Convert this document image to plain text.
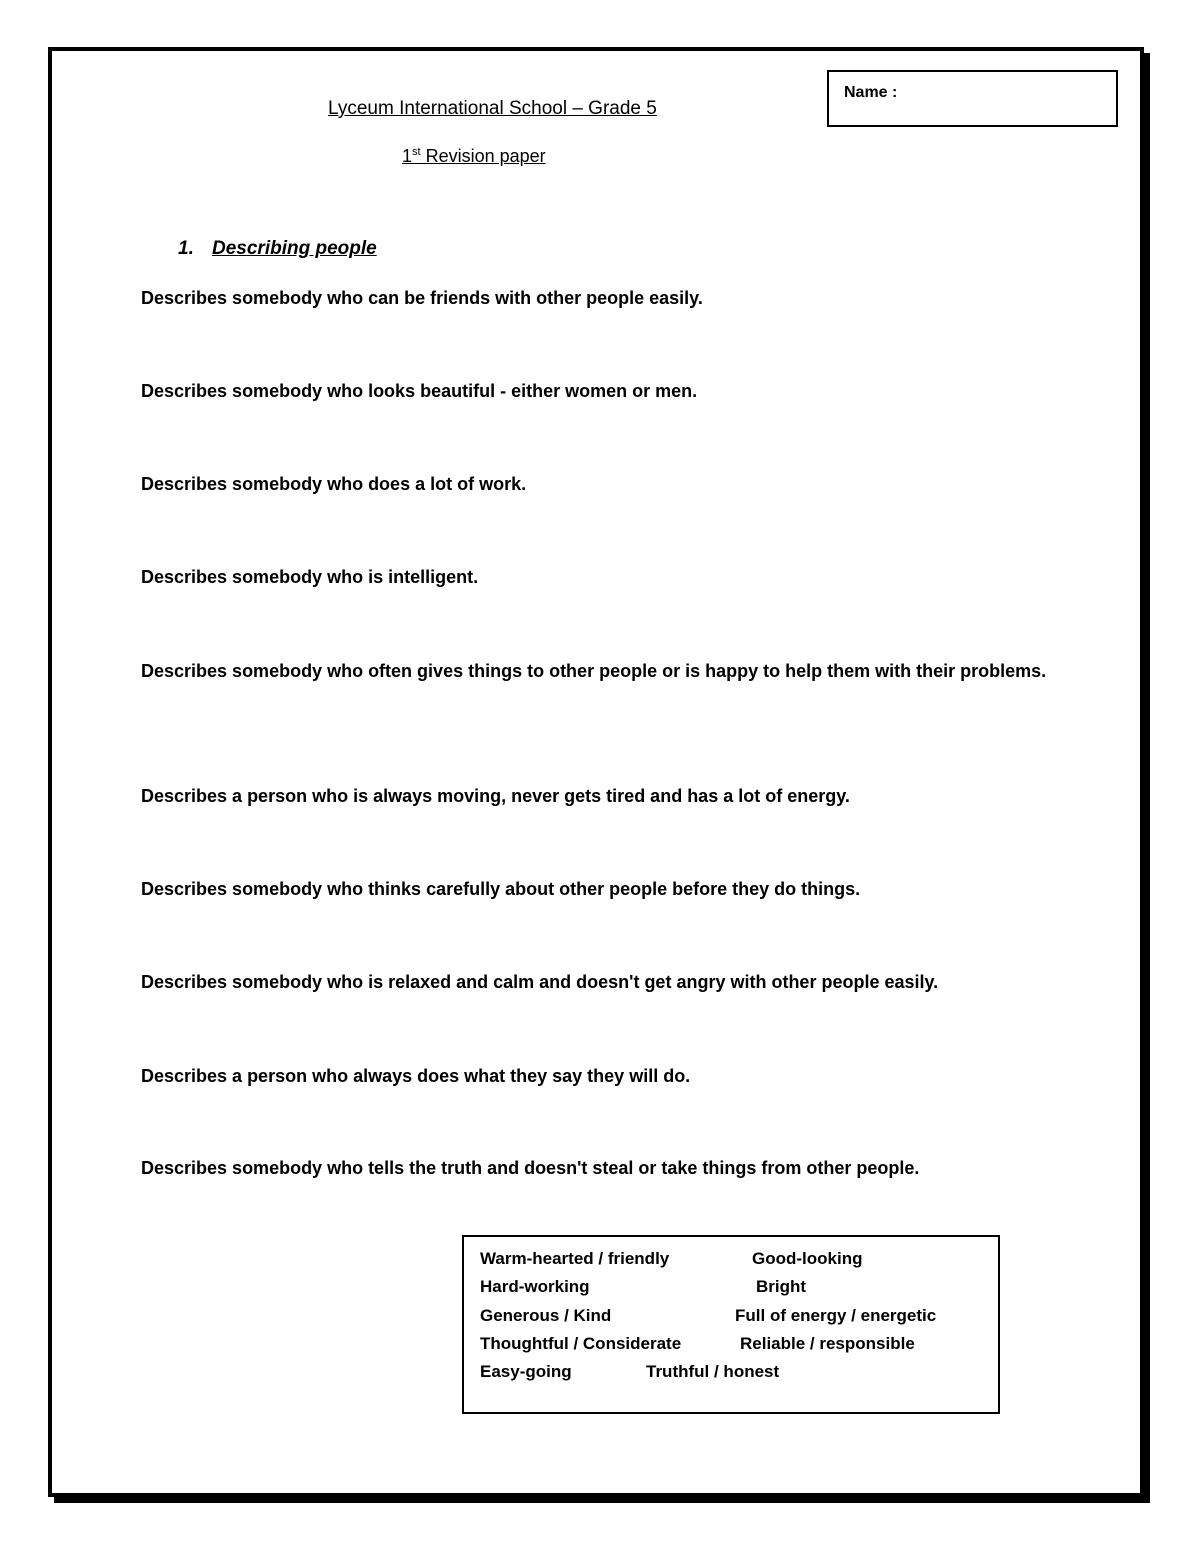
Lyceum International School – Grade 5
1st Revision paper
Name :
1. Describing people
Describes somebody who can be friends with other people easily.
Describes somebody who looks beautiful - either women or men.
Describes somebody who does a lot of work.
Describes somebody who is intelligent.
Describes somebody who often gives things to other people or is happy to help them with their problems.
Describes a person who is always moving, never gets tired and has a lot of energy.
Describes somebody who thinks carefully about other people before they do things.
Describes somebody who is relaxed and calm and doesn't get angry with other people easily.
Describes a person who always does what they say they will do.
Describes somebody who tells the truth and doesn't steal or take things from other people.
Warm-hearted / friendly	Good-looking
Hard-working	Bright
Generous / Kind	Full of energy / energetic
Thoughtful / Considerate	Reliable / responsible
Easy-going	Truthful / honest
